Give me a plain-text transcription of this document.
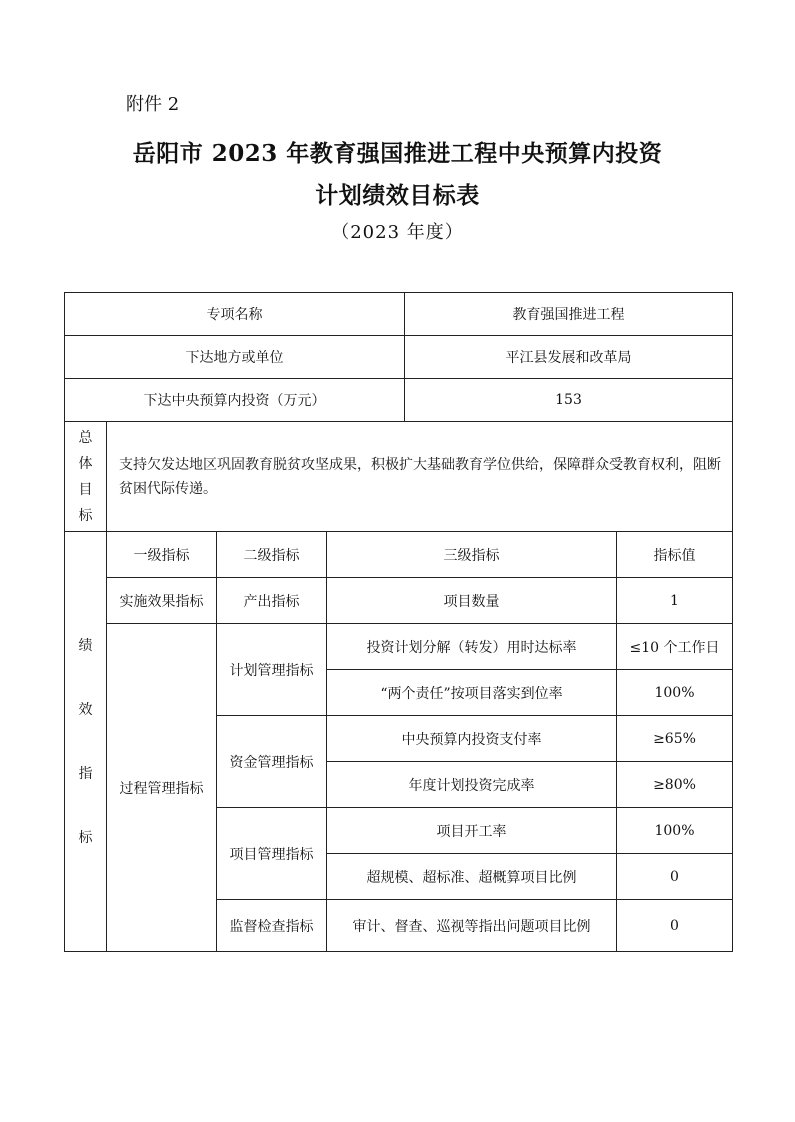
附件 2
岳阳市 2023 年教育强国推进工程中央预算内投资
计划绩效目标表
（2023 年度）
专项名称				教育强国推进工程	
下达地方或单位				平江县发展和改革局	
下达中央预算内投资（万元）				153	

总
体
目
标	支持欠发达地区巩固教育脱贫攻坚成果，积极扩大基础教育学位供给，保障群众受教育权利，阻断贫困代际传递。				

绩
效
指
标	一级指标	二级指标	三级指标		指标值
	实施效果指标	产出指标	项目数量		1
	过程管理指标	计划管理指标	投资计划分解（转发）用时达标率		≤10 个工作日
			“两个责任”按项目落实到位率		100%
		资金管理指标	中央预算内投资支付率		≥65%
			年度计划投资完成率		≥80%
		项目管理指标	项目开工率		100%
			超规模、超标准、超概算项目比例		0
		监督检查指标	审计、督查、巡视等指出问题项目比例		0
